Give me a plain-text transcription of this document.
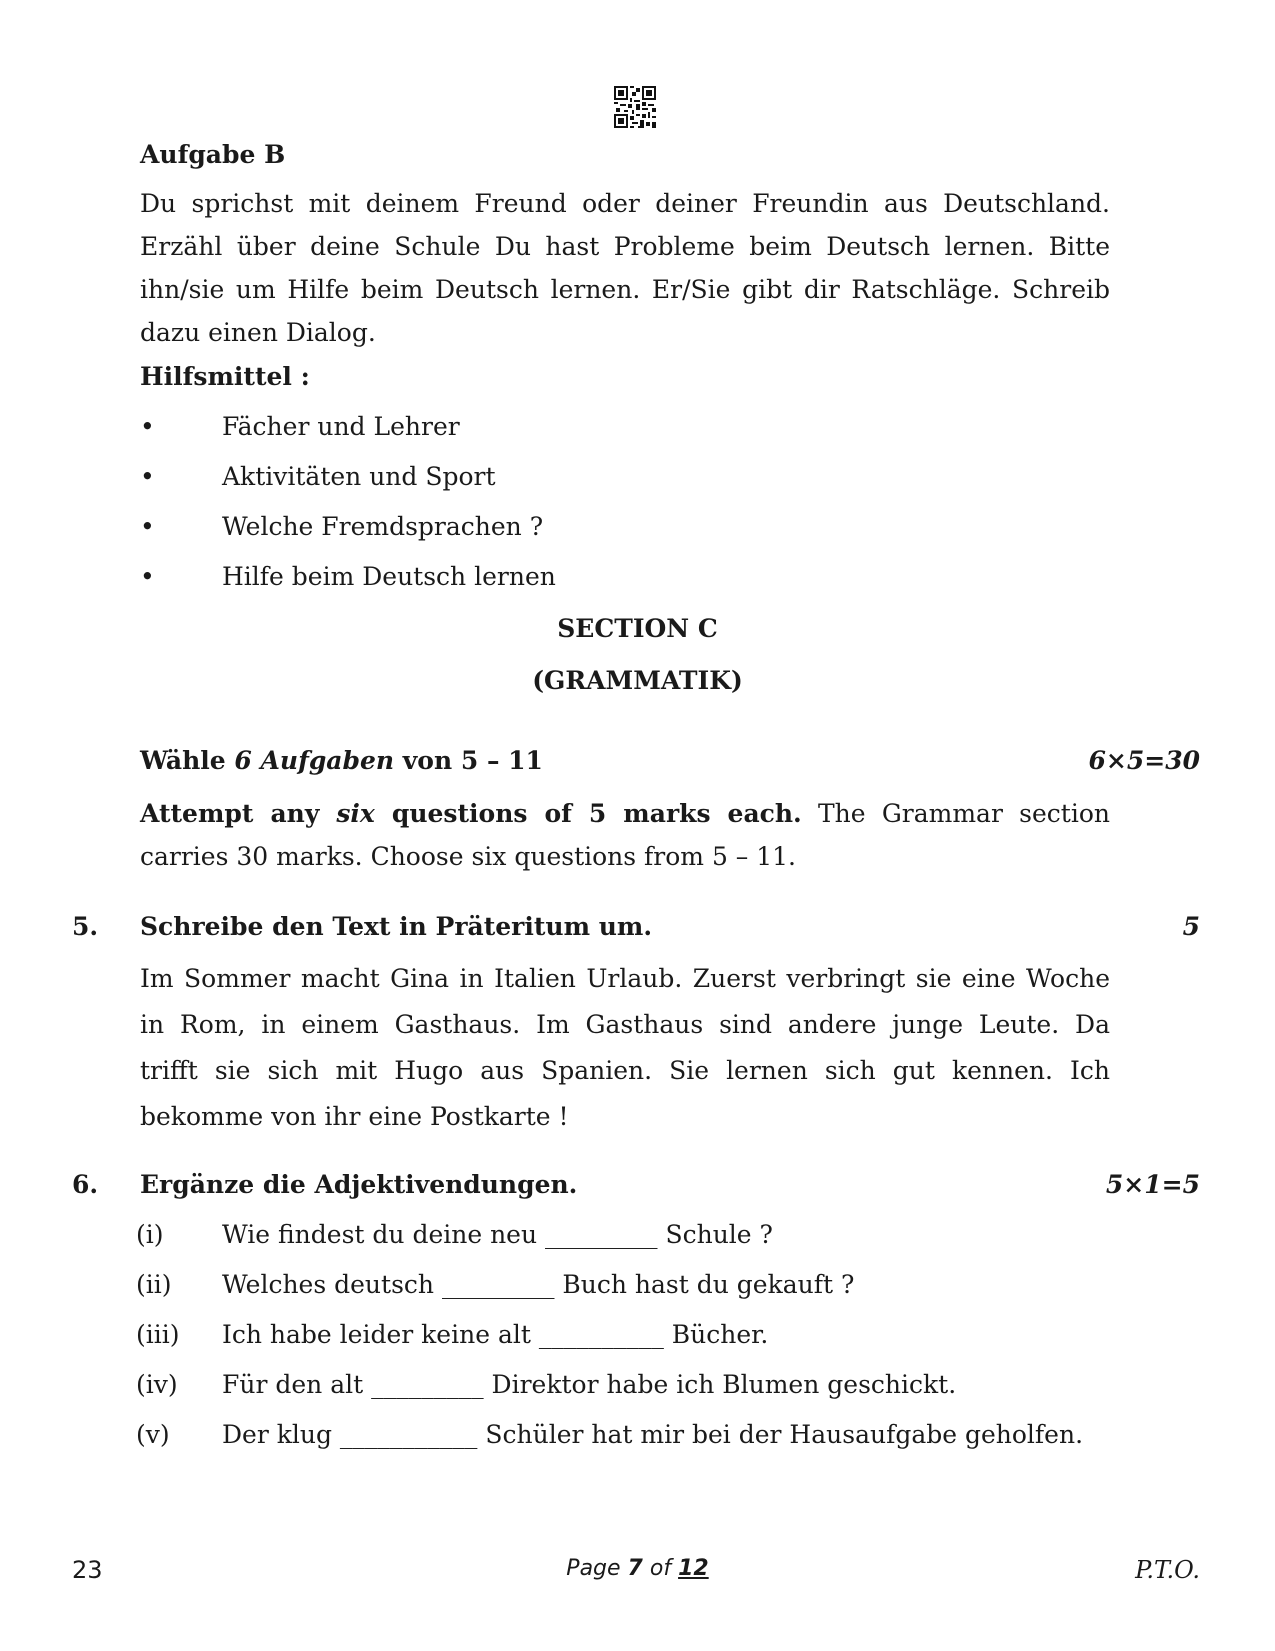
Aufgabe B
Du sprichst mit deinem Freund oder deiner Freundin aus Deutschland.
Erzähl über deine Schule Du hast Probleme beim Deutsch lernen. Bitte
ihn/sie um Hilfe beim Deutsch lernen. Er/Sie gibt dir Ratschläge. Schreib
dazu einen Dialog.
Hilfsmittel :
•	Fächer und Lehrer
•	Aktivitäten und Sport
•	Welche Fremdsprachen ?
•	Hilfe beim Deutsch lernen
SECTION C
(GRAMMATIK)
Wähle 6 Aufgaben von 5 – 11	6×5=30
Attempt any six questions of 5 marks each. The Grammar section
carries 30 marks. Choose six questions from 5 – 11.
5. Schreibe den Text in Präteritum um.	5
Im Sommer macht Gina in Italien Urlaub. Zuerst verbringt sie eine Woche
in Rom, in einem Gasthaus. Im Gasthaus sind andere junge Leute. Da
trifft sie sich mit Hugo aus Spanien. Sie lernen sich gut kennen. Ich
bekomme von ihr eine Postkarte !
6. Ergänze die Adjektivendungen.	5×1=5
(i) Wie findest du deine neu _________ Schule ?
(ii) Welches deutsch _________ Buch hast du gekauft ?
(iii) Ich habe leider keine alt __________ Bücher.
(iv) Für den alt _________ Direktor habe ich Blumen geschickt.
(v) Der klug ___________ Schüler hat mir bei der Hausaufgabe geholfen.
23	Page 7 of 12	P.T.O.
